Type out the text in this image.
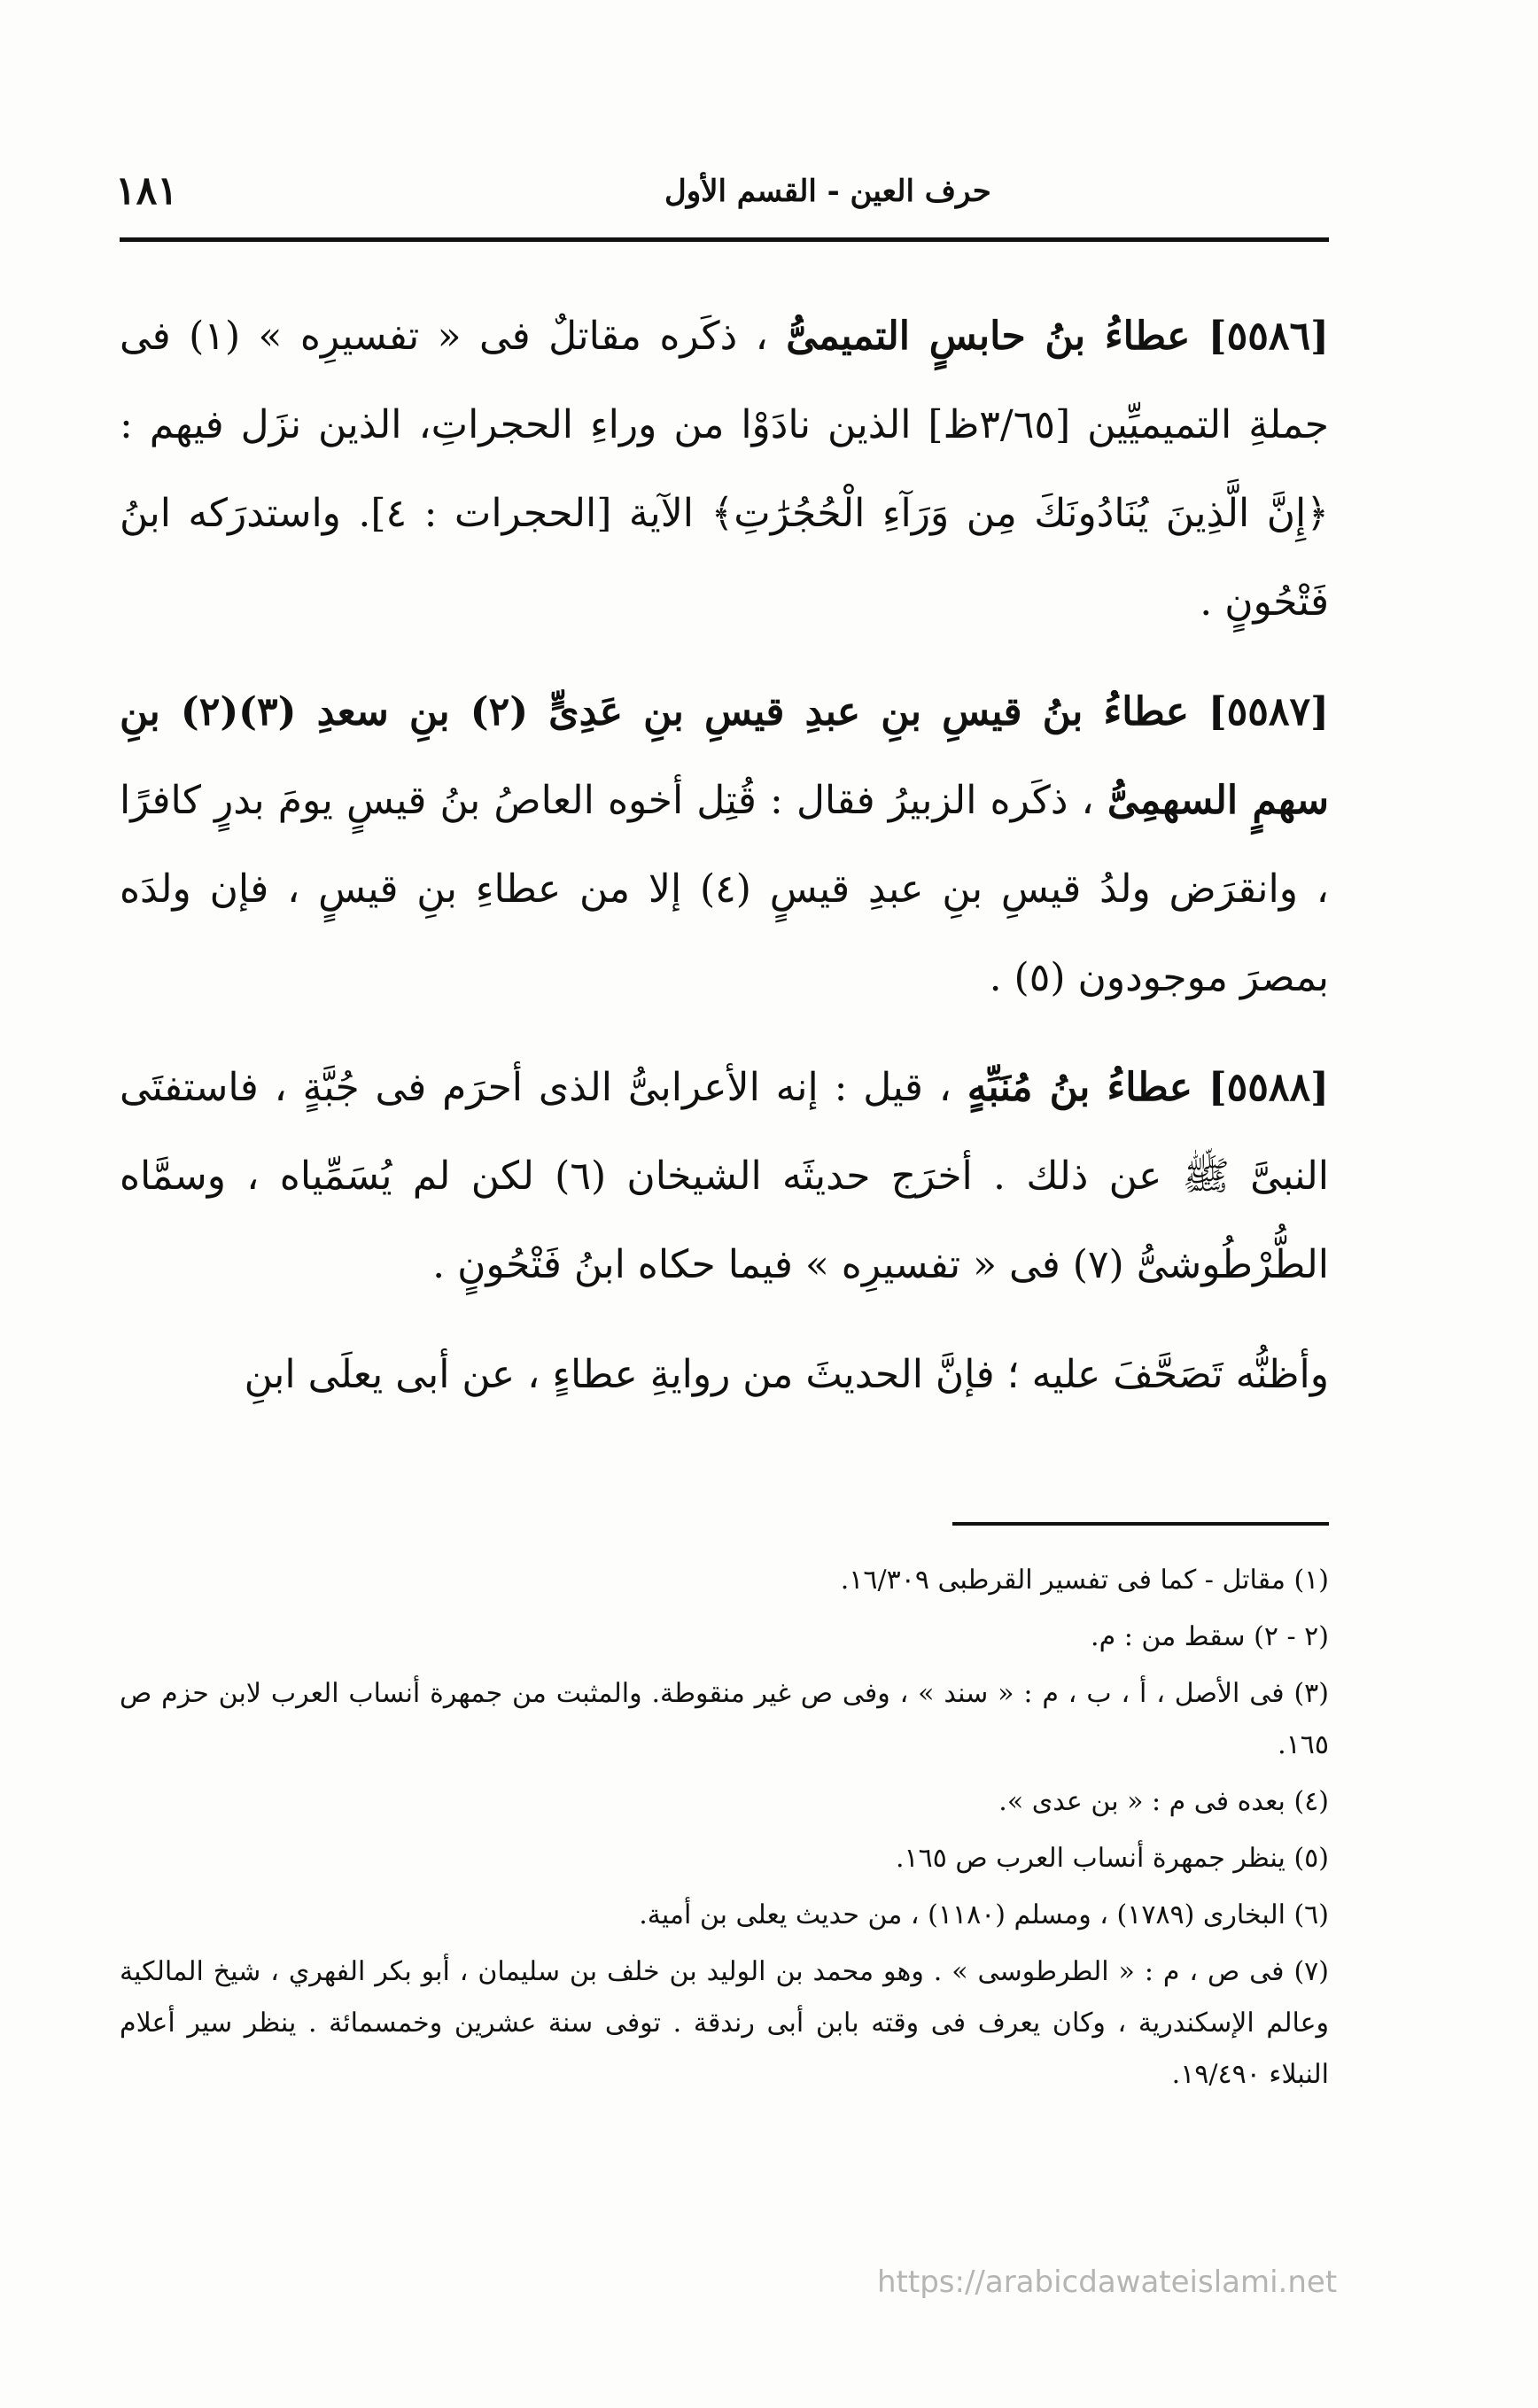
١٨١	حرف العين - القسم الأول

[٥٥٨٦] عطاءُ بنُ حابسٍ التميمىُّ ، ذكَره مقاتلٌ فى « تفسيرِه » (١) فى جملةِ التميميِّين [٣/٦٥ظ] الذين نادَوْا من وراءِ الحجراتِ، الذين نزَل فيهم : ﴿إِنَّ الَّذِينَ يُنَادُونَكَ مِن وَرَآءِ الْحُجُرَٰتِ﴾ الآية [الحجرات : ٤]. واستدرَكه ابنُ فَتْحُونٍ .

[٥٥٨٧] عطاءُ بنُ قيسِ بنِ عبدِ قيسِ بنِ عَدِىٍّ (٢) بنِ سعدِ (٣)(٢) بنِ سهمٍ السهمِىُّ ، ذكَره الزبيرُ فقال : قُتِل أخوه العاصُ بنُ قيسٍ يومَ بدرٍ كافرًا ، وانقرَض ولدُ قيسِ بنِ عبدِ قيسٍ (٤) إلا من عطاءِ بنِ قيسٍ ، فإن ولدَه بمصرَ موجودون (٥) .

[٥٥٨٨] عطاءُ بنُ مُنَبِّهٍ ، قيل : إنه الأعرابىُّ الذى أحرَم فى جُبَّةٍ ، فاستفتَى النبىَّ ﷺ عن ذلك . أخرَج حديثَه الشيخان (٦) لكن لم يُسَمِّياه ، وسمَّاه الطُّرْطُوشىُّ (٧) فى « تفسيرِه » فيما حكاه ابنُ فَتْحُونٍ .

وأظنُّه تَصَحَّفَ عليه ؛ فإنَّ الحديثَ من روايةِ عطاءٍ ، عن أبى يعلَى ابنِ

(١) مقاتل - كما فى تفسير القرطبى ١٦/٣٠٩.

(٢ - ٢) سقط من : م.

(٣) فى الأصل ، أ ، ب ، م : « سند » ، وفى ص غير منقوطة. والمثبت من جمهرة أنساب العرب لابن حزم ص ١٦٥.

(٤) بعده فى م : « بن عدى ».

(٥) ينظر جمهرة أنساب العرب ص ١٦٥.

(٦) البخارى (١٧٨٩) ، ومسلم (١١٨٠) ، من حديث يعلى بن أمية.

(٧) فى ص ، م : « الطرطوسى » . وهو محمد بن الوليد بن خلف بن سليمان ، أبو بكر الفهري ، شيخ المالكية وعالم الإسكندرية ، وكان يعرف فى وقته بابن أبى رندقة . توفى سنة عشرين وخمسمائة . ينظر سير أعلام النبلاء ١٩/٤٩٠.

https://arabicdawateislami.net
